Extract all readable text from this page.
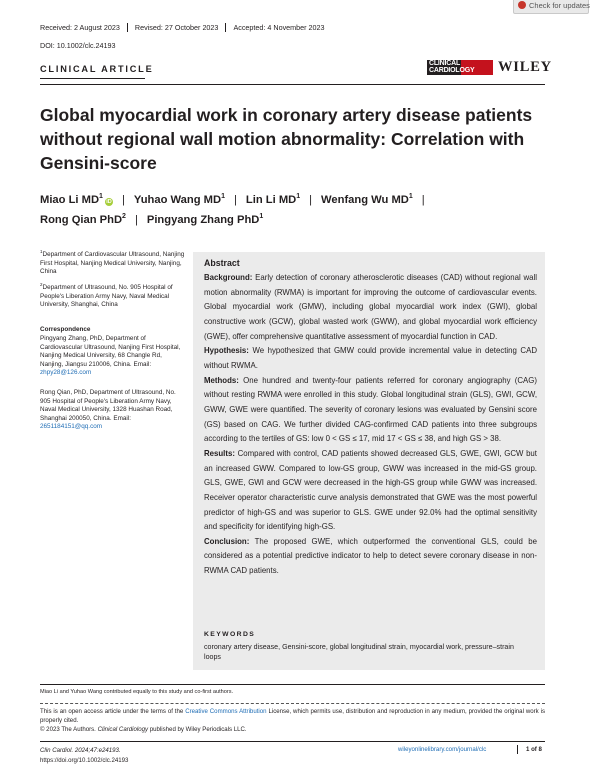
Check for updates
Received: 2 August 2023 Revised: 27 October 2023 Accepted: 4 November 2023
DOI: 10.1002/clc.24193
CLINICAL ARTICLE
CLINICAL
CARDIOLOGY WILEY
Global myocardial work in coronary artery disease patients without regional wall motion abnormality: Correlation with Gensini-score
Miao Li $MD^1iD$ | Yuhao Wang $MD^1$ | Lin Li $MD^1$ | Wenfang Wu $MD^1$ |
Rong Qian PhD$^2$ | Pingyang Zhang PhD$^1$
$^1$Department of Cardiovascular Ultrasound, Nanjing First Hospital, Nanjing Medical University, Nanjing, China
$^2$Department of Ultrasound, No. 905 Hospital of People's Liberation Army Navy, Naval Medical University, Shanghai, China
Correspondence
Pingyang Zhang, PhD, Department of Cardiovascular Ultrasound, Nanjing First Hospital, Nanjing Medical University, 68 Changle Rd, Nanjing, Jiangsu 210006, China. Email: zhpy28@126.com
Rong Qian, PhD, Department of Ultrasound, No. 905 Hospital of People's Liberation Army Navy, Naval Medical University, 1328 Huashan Road, Shanghai 200050, China. Email: 2651184151@qq.com
Abstract

Background: Early detection of coronary atherosclerotic diseases (CAD) without regional wall motion abnormality (RWMA) is important for improving the outcome of cardiovascular events. Global myocardial work (GMW), including global myocardial work index (GWI), global constructive work (GCW), global wasted work (GWW), and global myocardial work efficiency (GWE), offer comprehensive quantitative assessment of myocardial function in CAD.

Hypothesis: We hypothesized that GMW could provide incremental value in detecting CAD without RWMA.

Methods: One hundred and twenty-four patients referred for coronary angiography (CAG) without resting RWMA were enrolled in this study. Global longitudinal strain (GLS), GWI, GCW, GWW, GWE were quantified. The severity of coronary lesions was evaluated by Gensini score (GS) based on CAG. We further divided CAG-confirmed CAD patients into three subgroups according to the tertiles of GS: low 0 < GS ≤ 17, mid 17 < GS ≤ 38, and high GS > 38.

Results: Compared with control, CAD patients showed decreased GLS, GWE, GWI, GCW but an increased GWW. Compared to low-GS group, GWW was increased in the mid-GS group. GLS, GWE, GWI and GCW were decreased in the high-GS group while GWW was increased. Receiver operator characteristic curve analysis demonstrated that GWE was the most powerful predictor of high-GS and was superior to GLS. GWE under 92.0% had the optimal sensitivity and specificity for identifying high-GS.

Conclusion: The proposed GWE, which outperformed the conventional GLS, could be considered as a potential predictive indicator to help to detect severe coronary disease in non-RWMA CAD patients.

KEYWORDS
coronary artery disease, Gensini-score, global longitudinal strain, myocardial work, pressure–strain loops
Miao Li and Yuhao Wang contributed equally to this study and co-first authors.
This is an open access article under the terms of the Creative Commons Attribution License, which permits use, distribution and reproduction in any medium, provided the original work is properly cited.
© 2023 The Authors. Clinical Cardiology published by Wiley Periodicals LLC.
Clin Cardiol. 2024;47:e24193.
https://doi.org/10.1002/clc.24193
wileyonlinelibrary.com/journal/clc	1 of 8
